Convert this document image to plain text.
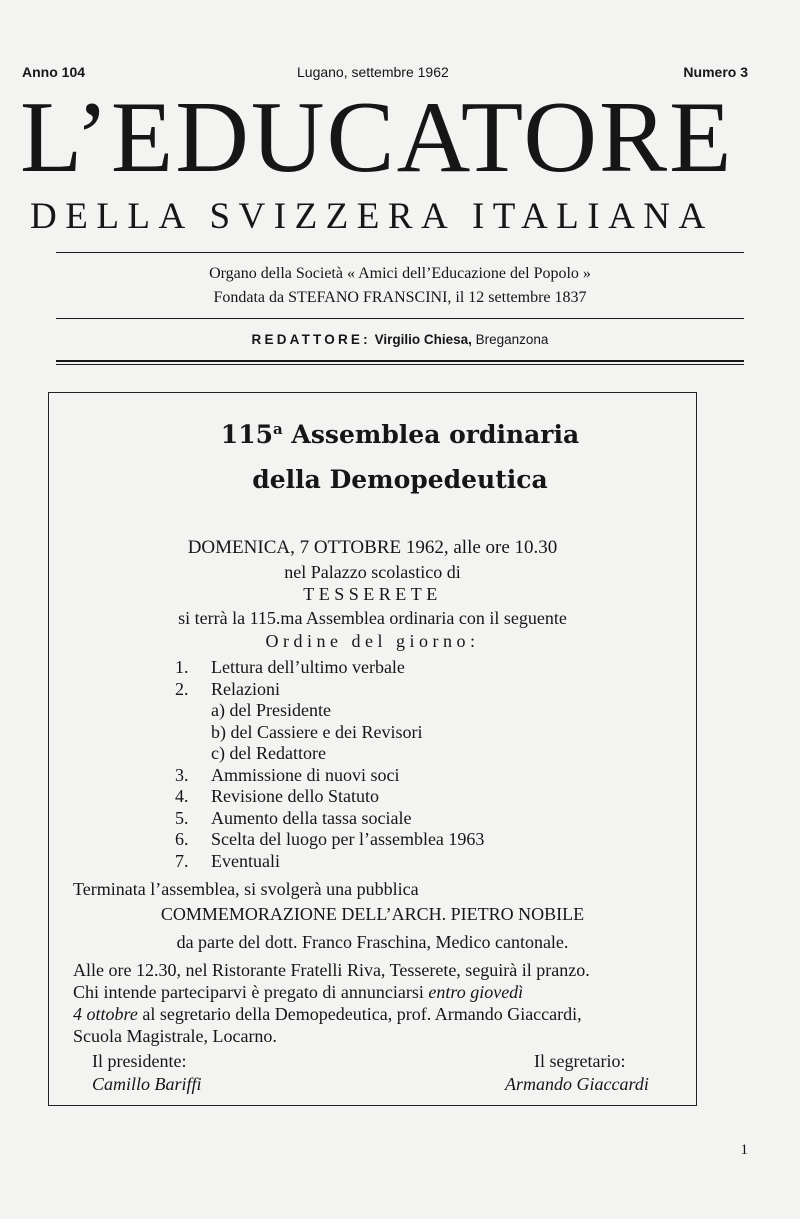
Anno 104	Lugano, settembre 1962	Numero 3
L’EDUCATORE
DELLA SVIZZERA ITALIANA
Organo della Società « Amici dell’Educazione del Popolo »
Fondata da STEFANO FRANSCINI, il 12 settembre 1837
REDATTORE: Virgilio Chiesa, Breganzona
115$^a$ Assemblea ordinaria
della Demopedeutica
DOMENICA, 7 OTTOBRE 1962, alle ore 10.30
nel Palazzo scolastico di
TESSERETE
si terrà la 115.ma Assemblea ordinaria con il seguente
Ordine del giorno:
1. Lettura dell’ultimo verbale
2. Relazioni
a) del Presidente
b) del Cassiere e dei Revisori
c) del Redattore
3. Ammissione di nuovi soci
4. Revisione dello Statuto
5. Aumento della tassa sociale
6. Scelta del luogo per l’assemblea 1963
7. Eventuali
Terminata l’assemblea, si svolgerà una pubblica
COMMEMORAZIONE DELL’ARCH. PIETRO NOBILE
da parte del dott. Franco Fraschina, Medico cantonale.
Alle ore 12.30, nel Ristorante Fratelli Riva, Tesserete, seguirà il pranzo.
Chi intende parteciparvi è pregato di annunciarsi entro giovedì
4 ottobre al segretario della Demopedeutica, prof. Armando Giaccardi,
Scuola Magistrale, Locarno.
Il presidente:
Camillo Bariffi
Il segretario:
Armando Giaccardi
1
